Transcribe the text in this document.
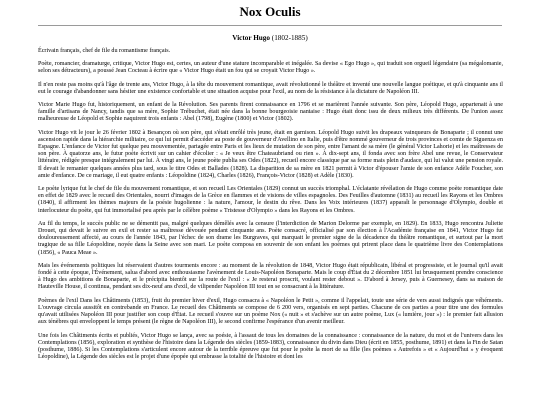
Nox Oculis
Victor Hugo (1802-1885)

Écrivain français, chef de file du romantisme français.

Poète, romancier, dramaturge, critique, Victor Hugo est, certes, un auteur d'une stature incomparable et inégalée. Sa devise « Ego Hugo », qui traduit son orgueil légendaire (sa mégalomanie, selon ses détracteurs), a poussé Jean Cocteau à écrire que « Victor Hugo était un fou qui se croyait Victor Hugo ».

Il n'en reste pas moins qu'à l'âge de trente ans, Victor Hugo, à la tête du mouvement romantique, avait révolutionné le théâtre et inventé une nouvelle langue poétique, et qu'à cinquante ans il eut le courage d'abandonner sans hésiter une existence confortable et une situation acquise pour l'exil, au nom de la résistance à la dictature de Napoléon III.

Victor Marie Hugo fut, historiquement, un enfant de la Révolution. Ses parents firent connaissance en 1796 et se marièrent l'année suivante. Son père, Léopold Hugo, appartenait à une famille d'artisans de Nancy, tandis que sa mère, Sophie Trébuchet, était née dans la bonne bourgeoisie nantaise : Hugo était donc issu de deux milieux très différents. De l'union assez malheureuse de Léopold et Sophie naquirent trois enfants : Abel (1798), Eugène (1800) et Victor (1802).

Victor Hugo vit le jour le 26 février 1802 à Besançon où son père, qui s'était enrôlé très jeune, était en garnison. Léopold Hugo suivit les drapeaux vainqueurs de Bonaparte ; il connut une ascension rapide dans la hiérarchie militaire, ce qui lui permit d'accéder au poste de gouverneur d'Avellino en Italie, puis d'être nommé gouverneur de trois provinces et comte de Siguenza en Espagne. L'enfance de Victor fut quelque peu mouvementée, partagée entre Paris et les lieux de mutation de son père, entre l'amant de sa mère (le général Victor Lahorie) et les maîtresses de son père. À quatorze ans, le futur poète écrivit sur un cahier d'écolier : « Je veux être Chateaubriand ou rien ». À dix-sept ans, il fonda avec son frère Abel une revue, le Conservateur littéraire, rédigée presque intégralement par lui. À vingt ans, le jeune poète publia ses Odes (1822), recueil encore classique par sa forme mais plein d'audace, qui lui valut une pension royale. Il devait le remanier quelques années plus tard, sous le titre Odes et Ballades (1828). La disparition de sa mère en 1821 permit à Victor d'épouser l'amie de son enfance Adèle Foucher, son amie d'enfance. De ce mariage, il eut quatre enfants : Léopoldine (1824), Charles (1826), François-Victor (1828) et Adèle (1830).

Le poète lyrique fut le chef de file du mouvement romantique, et son recueil Les Orientales (1829) connut un succès triomphal. L'éclatante révélation de Hugo comme poète romantique date en effet de 1829 avec le recueil des Orientales, nourri d'images de la Grèce en flammes et de visions de villes espagnoles. Des Feuilles d'automne (1831) au recueil les Rayons et les Ombres (1840), il affirment les thèmes majeurs de la poésie hugolienne : la nature, l'amour, le destin du rêve. Dans les Voix intérieures (1837) apparaît le personnage d'Olympio, double et interlocuteur du poète, qui fut immortalisé peu après par le célèbre poème « Tristesse d'Olympio » dans les Rayons et les Ombres.

Au fil du temps, le succès public ne se démentit pas, malgré quelques démêlés avec la censure (l'interdiction de Marion Delorme par exemple, en 1829). En 1833, Hugo rencontra Juliette Drouet, qui devait le suivre en exil et rester sa maîtresse dévouée pendant cinquante ans. Poète consacré, officialisé par son élection à l'Académie française en 1841, Victor Hugo fut douloureusement affecté, au cours de l'année 1843, par l'échec de son drame les Burgraves, qui marquait le premier signe de la décadence du théâtre romantique, et surtout par la mort tragique de sa fille Léopoldine, noyée dans la Seine avec son mari. Le poète composa en souvenir de son enfant les poèmes qui prirent place dans le quatrième livre des Contemplations (1856), « Pauca Meae ».

Mais les événements politiques lui réservaient d'autres tourments encore : au moment de la révolution de 1848, Victor Hugo était républicain, libéral et progressiste, et le journal qu'il avait fondé à cette époque, l'Événement, salua d'abord avec enthousiasme l'avènement de Louis-Napoléon Bonaparte. Mais le coup d'État du 2 décembre 1851 lui brusquement prendre conscience à Hugo des ambitions de Bonaparte, et le précipita bientôt sur la route de l'exil : « Je resterai proscrit, voulant rester debout ». D'abord à Jersey, puis à Guernesey, dans sa maison de Hauteville House, il continua, pendant ses dix-neuf ans d'exil, de vilipender Napoléon III tout en se consacrant à la littérature.

Poèmes de l'exil Dans les Châtiments (1853), fruit du premier hiver d'exil, Hugo consacra à « Napoléon le Petit », comme il l'appelait, toute une série de vers aussi indignés que véhéments. L'ouvrage circula aussitôt en contrebande en France. Le recueil des Châtiments se compose de 6 200 vers, organisés en sept parties. Chacune de ces parties a pour titre une des formules qu'avait utilisées Napoléon III pour justifier son coup d'État. Le recueil s'ouvre sur un poème Nox (« nuit » et s'achève sur un autre poème, Lux (« lumière, jour ») : le premier fait allusion aux ténèbres qui enveloppent le temps présent (le règne de Napoléon III), le second confirme l'espérance d'un avenir meilleur.

Une fois les Châtiments écrits et publiés, Victor Hugo se lança, avec sa poésie, à l'assaut de tous les domaines de la connaissance : connaissance de la nature, du moi et de l'univers dans les Contemplations (1856), exploration et synthèse de l'histoire dans la Légende des siècles (1859-1883), connaissance du divin dans Dieu (écrit en 1855, posthume, 1891) et dans la Fin de Satan (posthume, 1886). Si les Contemplations s'articulent encore autour de la terrible épreuve que fut pour le poète la mort de sa fille (les poèmes « Autrefois » et « Aujourd'hui » y évoquent Léopoldine), la Légende des siècles est le projet d'une épopée qui embrasse la totalité de l'histoire et dont les
